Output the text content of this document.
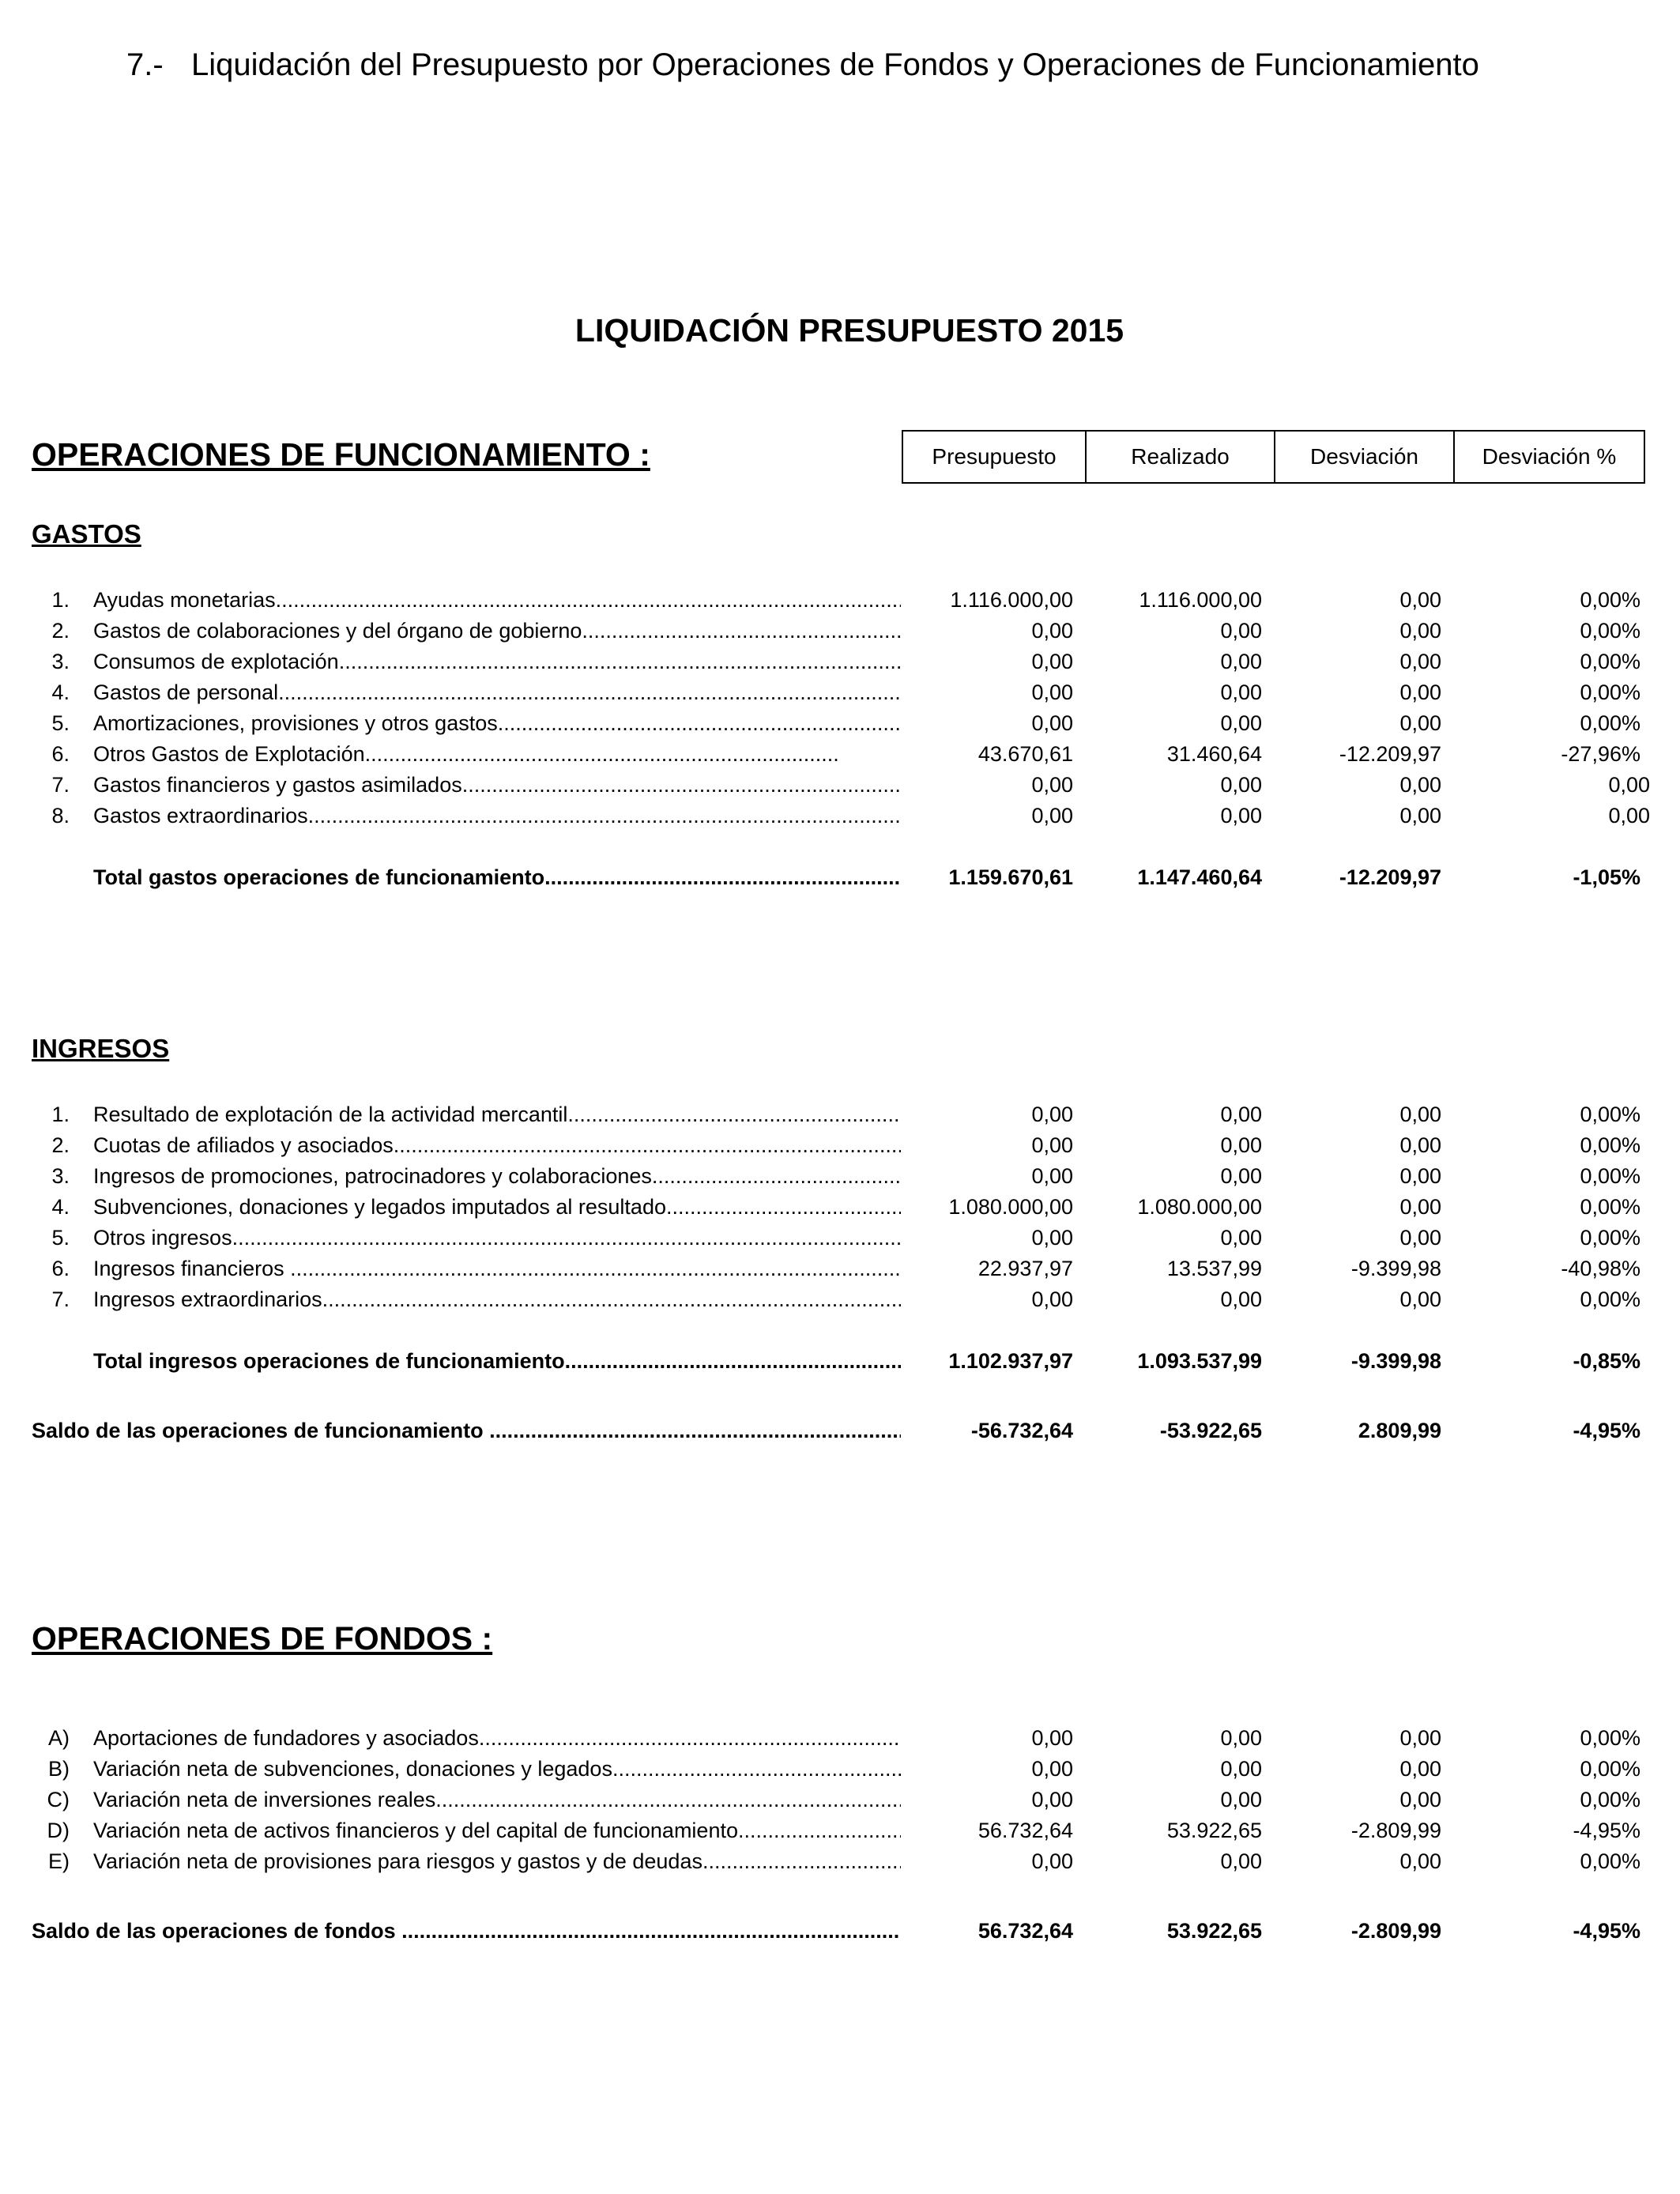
7.- Liquidación del Presupuesto por Operaciones de Fondos y Operaciones de Funcionamiento
LIQUIDACIÓN PRESUPUESTO 2015
OPERACIONES DE FUNCIONAMIENTO :	Presupuesto	Realizado	Desviación	Desviación %
GASTOS
1. Ayudas monetarias .....	1.116.000,00	1.116.000,00	0,00	0,00%
2. Gastos de colaboraciones y del órgano de gobierno .....	0,00	0,00	0,00	0,00%
3. Consumos de explotación .....	0,00	0,00	0,00	0,00%
4. Gastos de personal .....	0,00	0,00	0,00	0,00%
5. Amortizaciones, provisiones y otros gastos .....	0,00	0,00	0,00	0,00%
6. Otros Gastos de Explotación .....	43.670,61	31.460,64	-12.209,97	-27,96%
7. Gastos financieros y gastos asimilados .....	0,00	0,00	0,00	0,00
8. Gastos extraordinarios .....	0,00	0,00	0,00	0,00
Total gastos operaciones de funcionamiento .....	1.159.670,61	1.147.460,64	-12.209,97	-1,05%
INGRESOS
1. Resultado de explotación de la actividad mercantil .....	0,00	0,00	0,00	0,00%
2. Cuotas de afiliados y asociados .....	0,00	0,00	0,00	0,00%
3. Ingresos de promociones, patrocinadores y colaboraciones .....	0,00	0,00	0,00	0,00%
4. Subvenciones, donaciones y legados imputados al resultado .....	1.080.000,00	1.080.000,00	0,00	0,00%
5. Otros ingresos .....	0,00	0,00	0,00	0,00%
6. Ingresos financieros .....	22.937,97	13.537,99	-9.399,98	-40,98%
7. Ingresos extraordinarios .....	0,00	0,00	0,00	0,00%
Total ingresos operaciones de funcionamiento .....	1.102.937,97	1.093.537,99	-9.399,98	-0,85%
Saldo de las operaciones de funcionamiento .....	-56.732,64	-53.922,65	2.809,99	-4,95%
OPERACIONES DE FONDOS :
A) Aportaciones de fundadores y asociados .....	0,00	0,00	0,00	0,00%
B) Variación neta de subvenciones, donaciones y legados .....	0,00	0,00	0,00	0,00%
C) Variación neta de inversiones reales .....	0,00	0,00	0,00	0,00%
D) Variación neta de activos financieros y del capital de funcionamiento .....	56.732,64	53.922,65	-2.809,99	-4,95%
E) Variación neta de provisiones para riesgos y gastos y de deudas .....	0,00	0,00	0,00	0,00%
Saldo de las operaciones de fondos .....	56.732,64	53.922,65	-2.809,99	-4,95%
